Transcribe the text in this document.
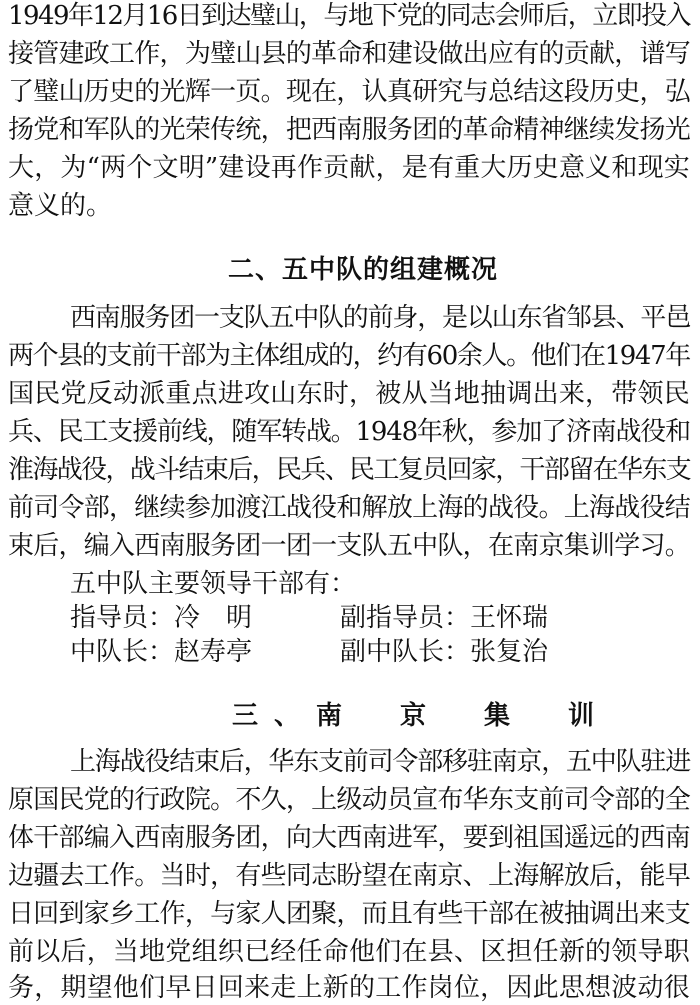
1949年12月16日到达璧山，与地下党的同志会师后，立即投入
接管建政工作，为璧山县的革命和建设做出应有的贡献，谱写
了璧山历史的光辉一页。现在，认真研究与总结这段历史，弘
扬党和军队的光荣传统，把西南服务团的革命精神继续发扬光
大，为“两个文明”建设再作贡献，是有重大历史意义和现实
意义的。
二、五中队的组建概况
西南服务团一支队五中队的前身，是以山东省邹县、平邑
两个县的支前干部为主体组成的，约有60余人。他们在1947年
国民党反动派重点进攻山东时，被从当地抽调出来，带领民
兵、民工支援前线，随军转战。1948年秋，参加了济南战役和
淮海战役，战斗结束后，民兵、民工复员回家，干部留在华东支
前司令部，继续参加渡江战役和解放上海的战役。上海战役结
束后，编入西南服务团一团一支队五中队，在南京集训学习。
五中队主要领导干部有：
指导员： 冷　明	副指导员： 王怀瑞
中队长： 赵寿亭	副中队长： 张复治
三、南　京　集　训
上海战役结束后，华东支前司令部移驻南京，五中队驻进
原国民党的行政院。不久，上级动员宣布华东支前司令部的全
体干部编入西南服务团，向大西南进军，要到祖国遥远的西南
边疆去工作。当时，有些同志盼望在南京、上海解放后，能早
日回到家乡工作，与家人团聚，而且有些干部在被抽调出来支
前以后，当地党组织已经任命他们在县、区担任新的领导职
务，期望他们早日回来走上新的工作岗位，因此思想波动很
